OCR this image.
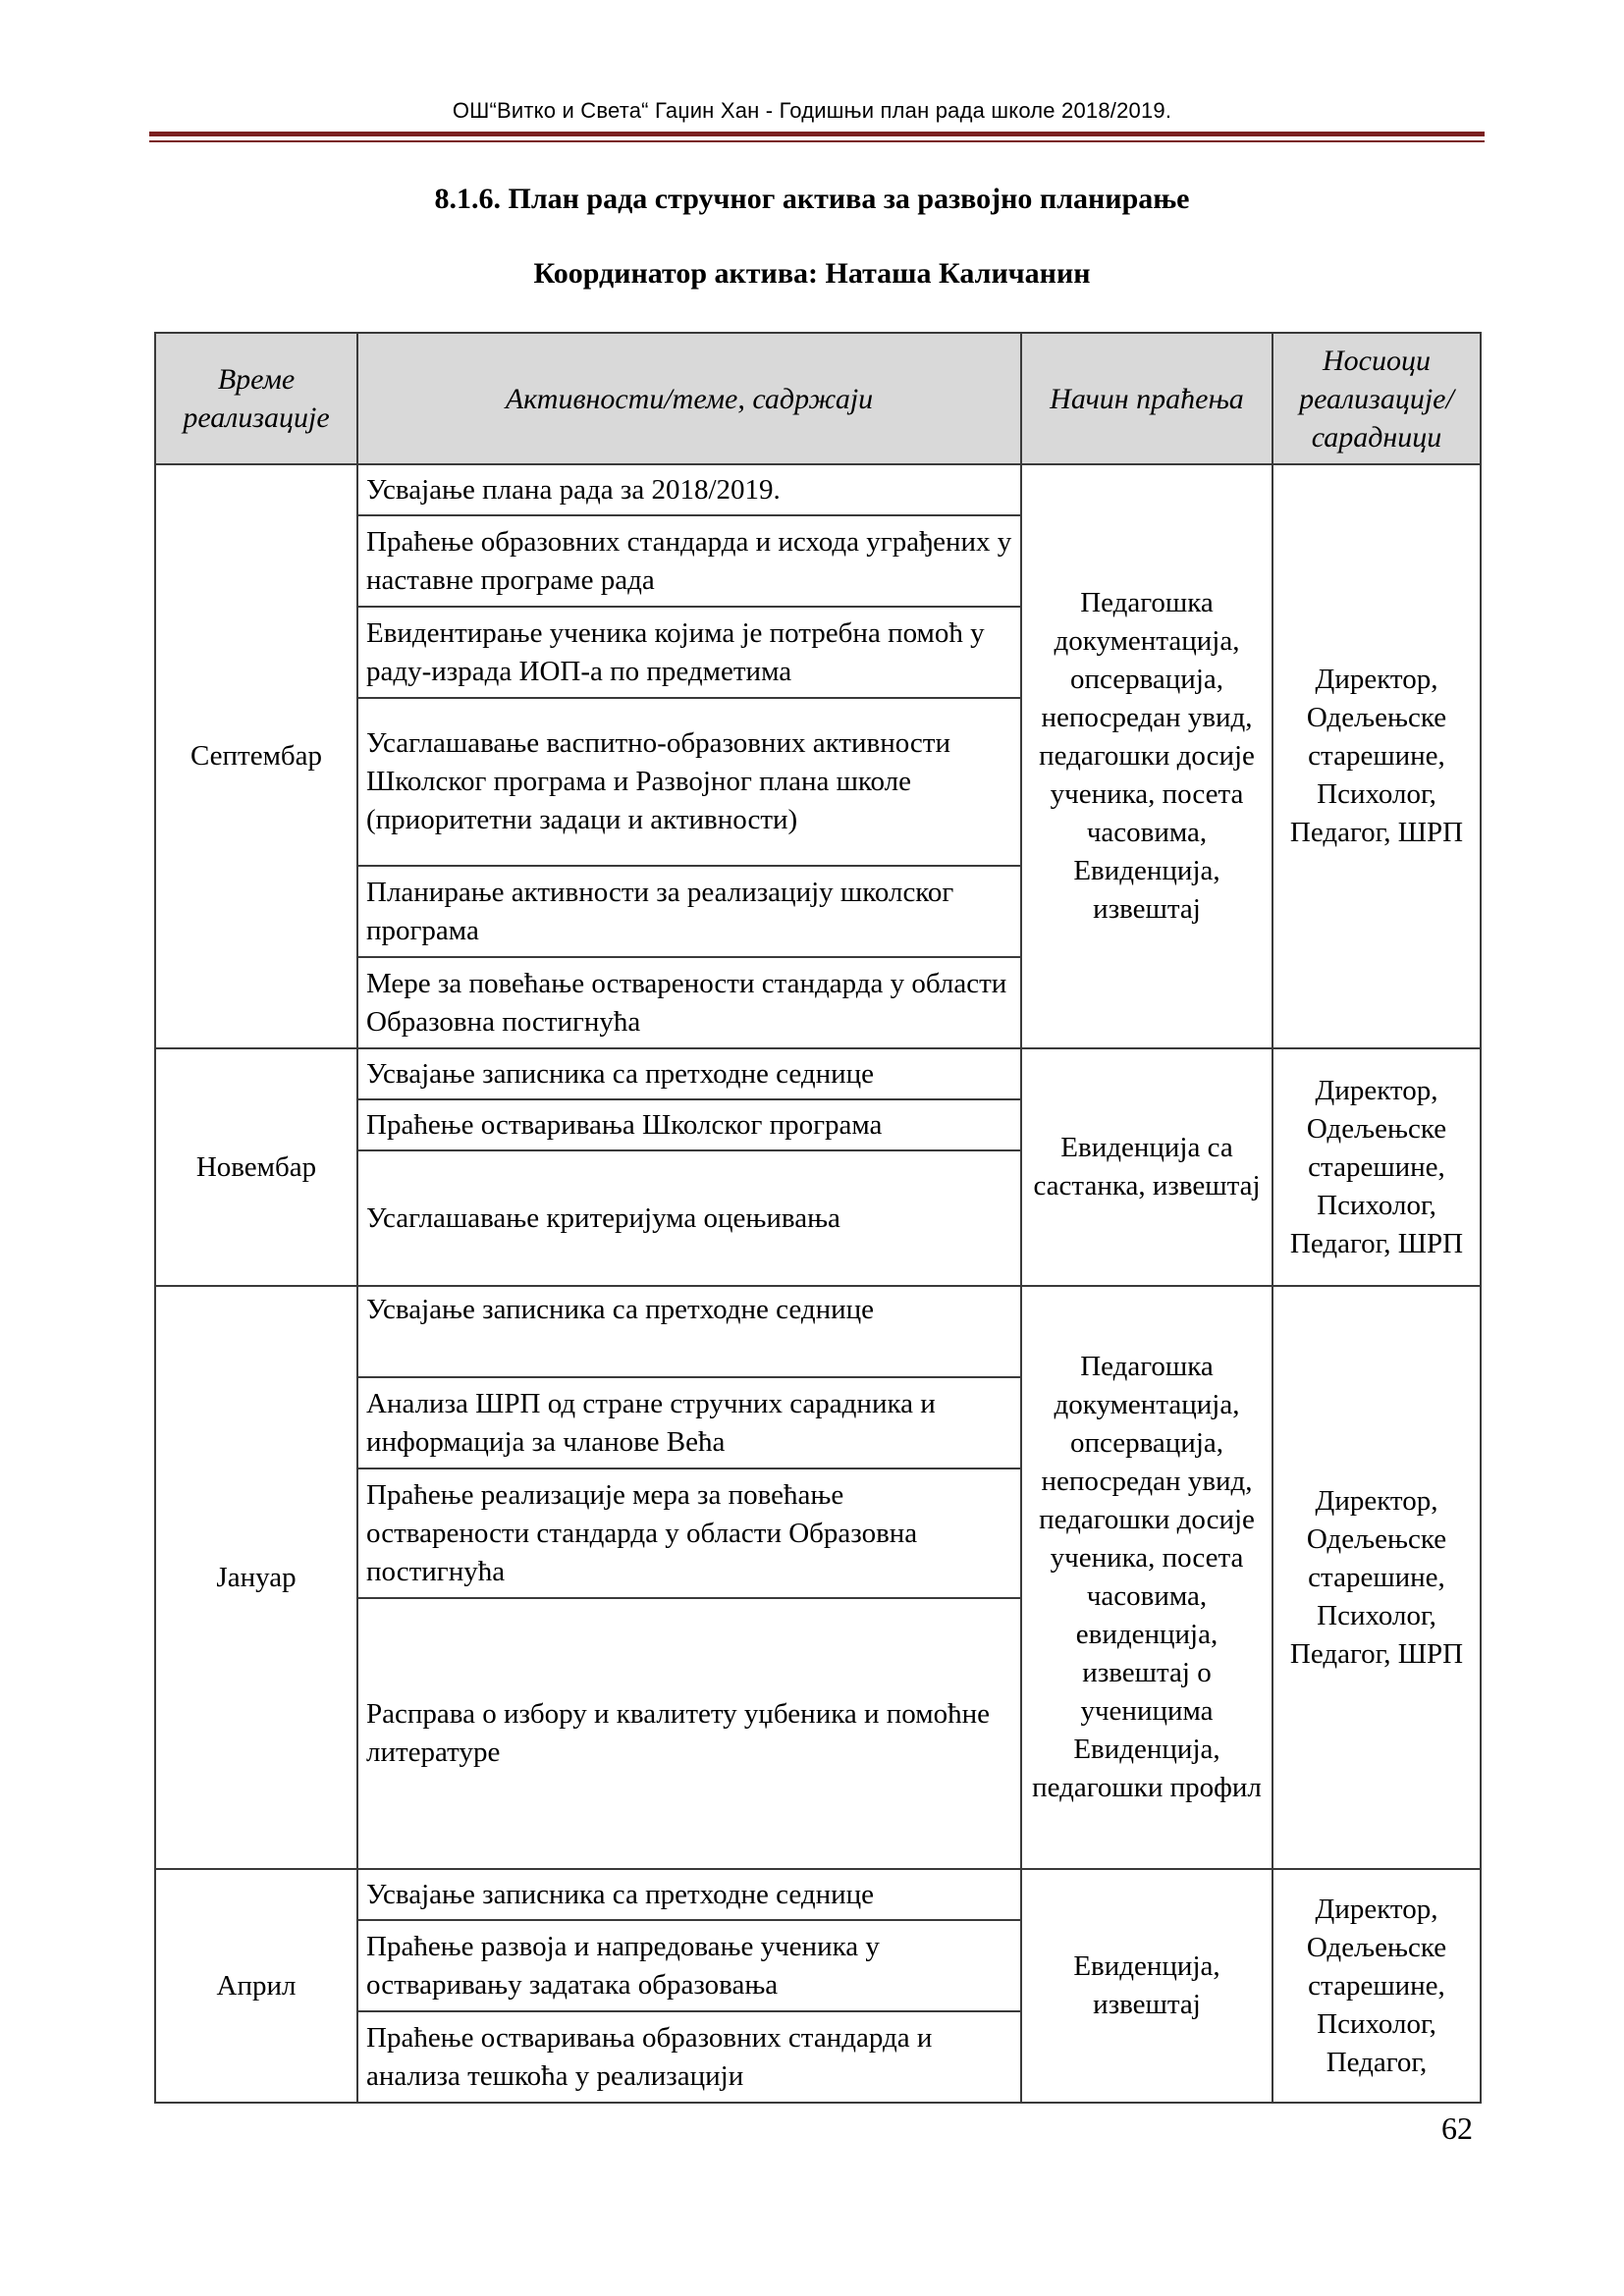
ОШ“Витко и Света“ Гаџин Хан - Годишњи план рада школе 2018/2019.
8.1.6. План рада стручног актива за развојно планирање
Координатор актива: Наташа Каличанин
Време реализације	Активности/теме, садржаји	Начин праћења	Носиоци реализације/ сарадници
Септембар	Усвајање плана рада за 2018/2019.	Педагошка документација, опсервација, непосредан увид, педагошки досије ученика, посета часовима, Евиденција, извештај	Директор, Одељењске старешине, Психолог, Педагог, ШРП
	Праћење образовних стандарда и исхода уграђених у наставне програме рада		
	Евидентирање ученика којима је потребна помоћ у раду-израда ИОП-а по предметима		
	Усаглашавање васпитно-образовних активности Школског програма и Развојног плана школе (приоритетни задаци и активности)		
	Планирање активности за реализацију школског програма		
	Мере за повећање остварености стандарда у области Образовна постигнућа		
Новембар	Усвајање записника са претходне седнице	Евиденција са састанка, извештај	Директор, Одељењске старешине, Психолог, Педагог, ШРП
	Праћење остваривања Школског програма		
	Усаглашавање критеријума оцењивања		
Јануар	Усвајање записника са претходне седнице	Педагошка документација, опсервација, непосредан увид, педагошки досије ученика, посета часовима, евиденција, извештај о ученицима Евиденција, педагошки профил	Директор, Одељењске старешине, Психолог, Педагог, ШРП
	Анализа ШРП од стране стручних сарадника и информација за чланове Већа		
	Праћење реализације мера за повећање остварености стандарда у области Образовна постигнућа		
	Расправа о избору и квалитету уџбеника и помоћне литературе		
Април	Усвајање записника са претходне седнице	Евиденција, извештај	Директор, Одељењске старешине, Психолог, Педагог,
	Праћење развоја и напредовање ученика у остваривању задатака образовања		
	Праћење остваривања образовних стандарда и анализа тешкоћа у реализацији		
62
